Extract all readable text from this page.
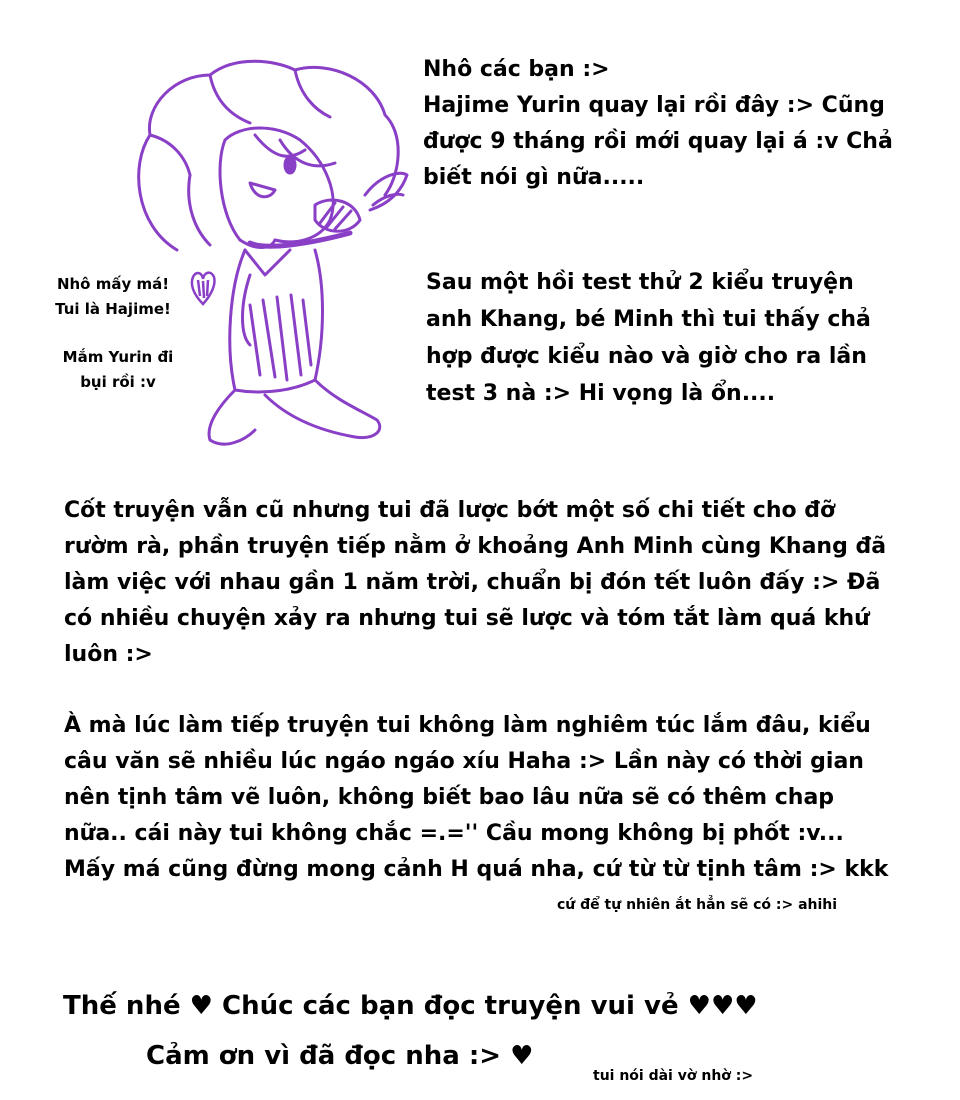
Nhô các bạn :>
Hajime Yurin quay lại rồi đây :> Cũng
được 9 tháng rồi mới quay lại á :v Chả
biết nói gì nữa.....
Nhô mấy má!
Tui là Hajime!
Mắm Yurin đi
bụi rồi :v
Sau một hồi test thử 2 kiểu truyện
anh Khang, bé Minh thì tui thấy chả
hợp được kiểu nào và giờ cho ra lần
test 3 nà :> Hi vọng là ổn....
Cốt truyện vẫn cũ nhưng tui đã lược bớt một số chi tiết cho đỡ
rườm rà, phần truyện tiếp nằm ở khoảng Anh Minh cùng Khang đã
làm việc với nhau gần 1 năm trời, chuẩn bị đón tết luôn đấy :> Đã
có nhiều chuyện xảy ra nhưng tui sẽ lược và tóm tắt làm quá khứ
luôn :>
À mà lúc làm tiếp truyện tui không làm nghiêm túc lắm đâu, kiểu
câu văn sẽ nhiều lúc ngáo ngáo xíu Haha :> Lần này có thời gian
nên tịnh tâm vẽ luôn, không biết bao lâu nữa sẽ có thêm chap
nữa.. cái này tui không chắc =.='' Cầu mong không bị phốt :v...
Mấy má cũng đừng mong cảnh H quá nha, cứ từ từ tịnh tâm :> kkk
cứ để tự nhiên ắt hẳn sẽ có :> ahihi
Thế nhé ♥ Chúc các bạn đọc truyện vui vẻ ♥♥♥
Cảm ơn vì đã đọc nha :> ♥
tui nói dài vờ nhờ :>
